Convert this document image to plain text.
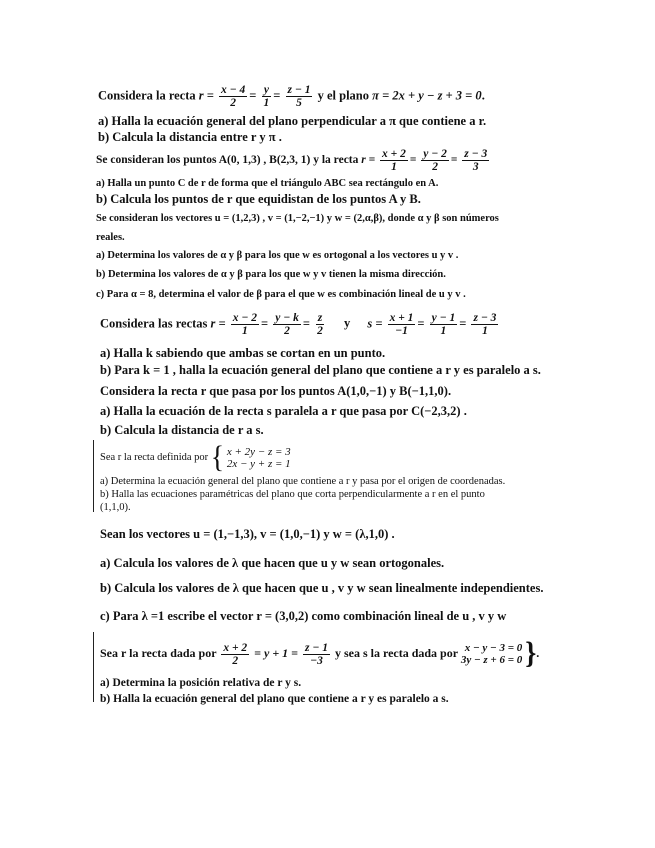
Considera la recta $r = \frac{x - 4}{2} = \frac{y}{1} = \frac{z - 1}{5}$ y el plano π = 2x + y − z + 3 = 0.
a) Halla la ecuación general del plano perpendicular a π que contiene a r.
b) Calcula la distancia entre r y π .
Se consideran los puntos A(0, 1,3) , B(2,3, 1) y la recta $r = \frac{x + 2}{1} = \frac{y - 2}{2} = \frac{z - 3}{3}$
a) Halla un punto C de r de forma que el triángulo ABC sea rectángulo en A.
b) Calcula los puntos de r que equidistan de los puntos A y B.
Se consideran los vectores u = (1,2,3) , v = (1,−2,−1) y w = (2,α,β), donde α y β son números
reales.
a) Determina los valores de α y β para los que w es ortogonal a los vectores u y v .
b) Determina los valores de α y β para los que w y v tienen la misma dirección.
c) Para α = 8, determina el valor de β para el que w es combinación lineal de u y v .
Considera las rectas $r = \frac{x - 2}{1} = \frac{y - k}{2} = \frac{z}{2}$ y $s = \frac{x + 1}{-1} = \frac{y - 1}{1} = \frac{z - 3}{1}$
a) Halla k sabiendo que ambas se cortan en un punto.
b) Para k = 1 , halla la ecuación general del plano que contiene a r y es paralelo a s.
Considera la recta r que pasa por los puntos A(1,0,−1) y B(−1,1,0).
a) Halla la ecuación de la recta s paralela a r que pasa por C(−2,3,2) .
b) Calcula la distancia de r a s.
Sea r la recta definida por { x + 2y − z = 3
2x − y + z = 1
a) Determina la ecuación general del plano que contiene a r y pasa por el origen de coordenadas.
b) Halla las ecuaciones paramétricas del plano que corta perpendicularmente a r en el punto
(1,1,0).
Sean los vectores u = (1,−1,3), v = (1,0,−1) y w = (λ,1,0) .
a) Calcula los valores de λ que hacen que u y w sean ortogonales.
b) Calcula los valores de λ que hacen que u , v y w sean linealmente independientes.
c) Para λ =1 escribe el vector r = (3,0,2) como combinación lineal de u , v y w
Sea r la recta dada por $\frac{x + 2}{2} = y + 1 = \frac{z - 1}{-3}$ y sea s la recta dada por x − y − 3 = 0
3y − z + 6 = 0 }.
a) Determina la posición relativa de r y s.
b) Halla la ecuación general del plano que contiene a r y es paralelo a s.
